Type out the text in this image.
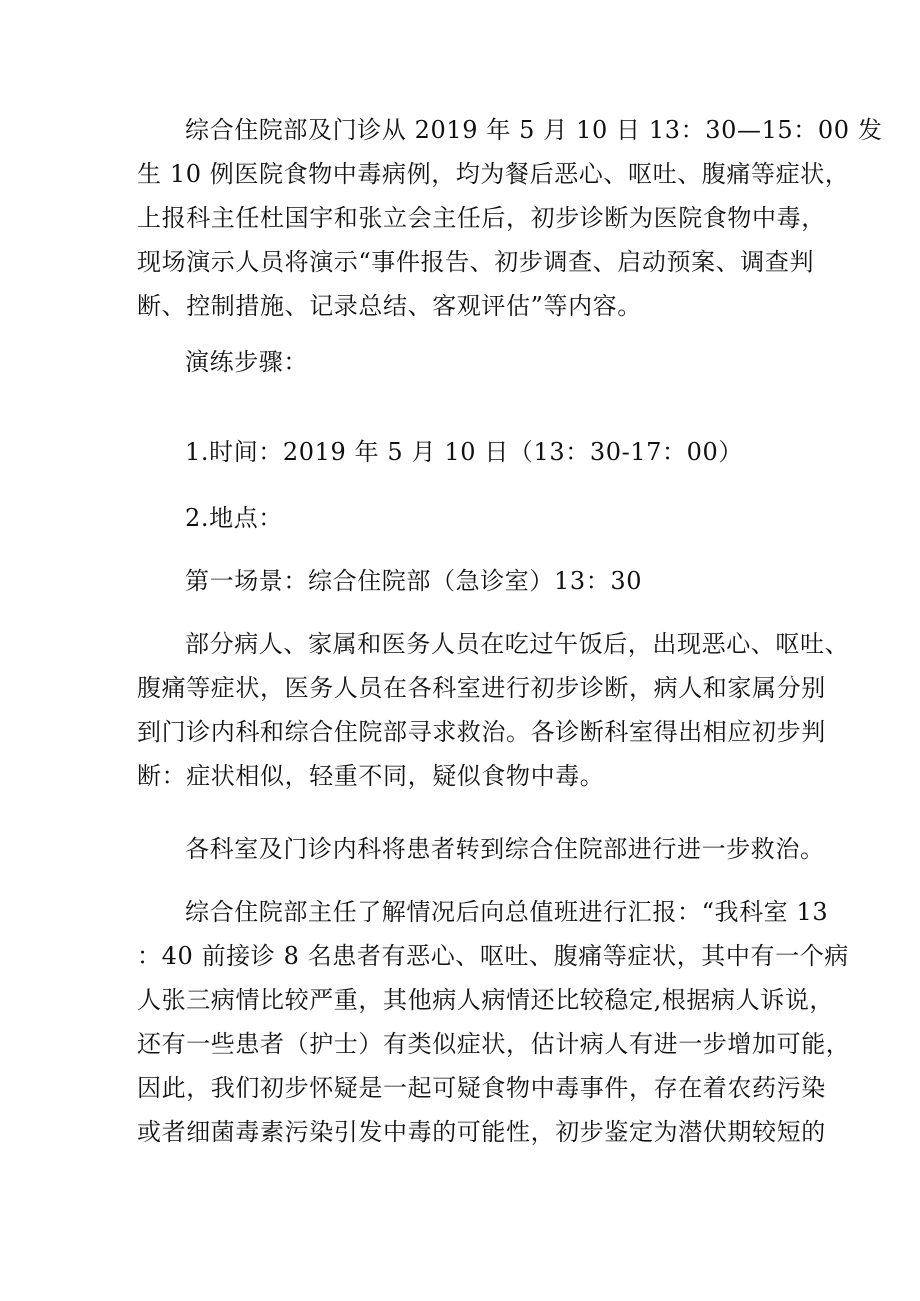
综合住院部及门诊从 2019 年 5 月 10 日 13：30—15：00 发
生 10 例医院食物中毒病例，均为餐后恶心、呕吐、腹痛等症状，
上报科主任杜国宇和张立会主任后，初步诊断为医院食物中毒，
现场演示人员将演示“事件报告、初步调查、启动预案、调查判
断、控制措施、记录总结、客观评估”等内容。
演练步骤：
1.时间：2019 年 5 月 10 日（13：30-17：00）
2.地点：
第一场景：综合住院部（急诊室）13：30
部分病人、家属和医务人员在吃过午饭后，出现恶心、呕吐、
腹痛等症状，医务人员在各科室进行初步诊断，病人和家属分别
到门诊内科和综合住院部寻求救治。各诊断科室得出相应初步判
断：症状相似，轻重不同，疑似食物中毒。
各科室及门诊内科将患者转到综合住院部进行进一步救治。
综合住院部主任了解情况后向总值班进行汇报：“我科室 13
：40 前接诊 8 名患者有恶心、呕吐、腹痛等症状，其中有一个病
人张三病情比较严重，其他病人病情还比较稳定,根据病人诉说，
还有一些患者（护士）有类似症状，估计病人有进一步增加可能，
因此，我们初步怀疑是一起可疑食物中毒事件，存在着农药污染
或者细菌毒素污染引发中毒的可能性，初步鉴定为潜伏期较短的
